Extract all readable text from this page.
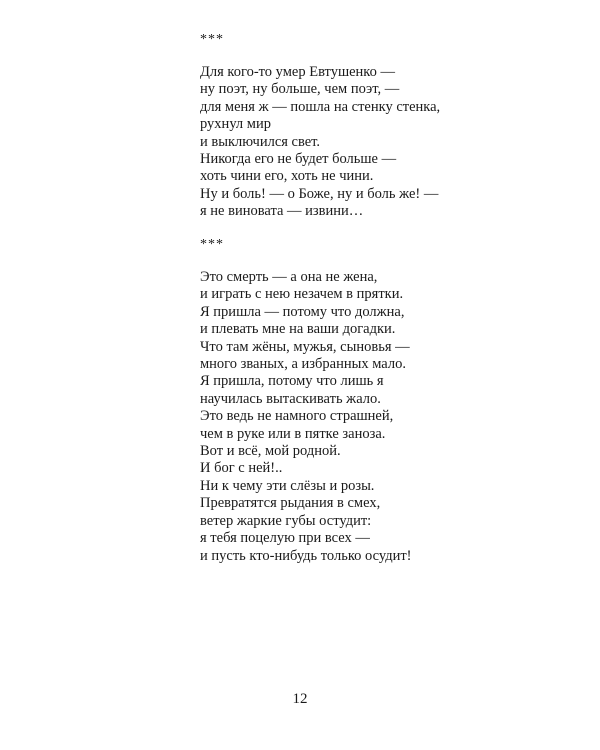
***
Для кого-то умер Евтушенко —
ну поэт, ну больше, чем поэт, —
для меня ж — пошла на стенку стенка,
рухнул мир
и выключился свет.
Никогда его не будет больше —
хоть чини его, хоть не чини.
Ну и боль! — о Боже, ну и боль же! —
я не виновата — извини…
***
Это смерть — а она не жена,
и играть с нею незачем в прятки.
Я пришла — потому что должна,
и плевать мне на ваши догадки.
Что там жёны, мужья, сыновья —
много званых, а избранных мало.
Я пришла, потому что лишь я
научилась вытаскивать жало.
Это ведь не намного страшней,
чем в руке или в пятке заноза.
Вот и всё, мой родной.
И бог с ней!..
Ни к чему эти слёзы и розы.
Превратятся рыдания в смех,
ветер жаркие губы остудит:
я тебя поцелую при всех —
и пусть кто-нибудь только осудит!
12
